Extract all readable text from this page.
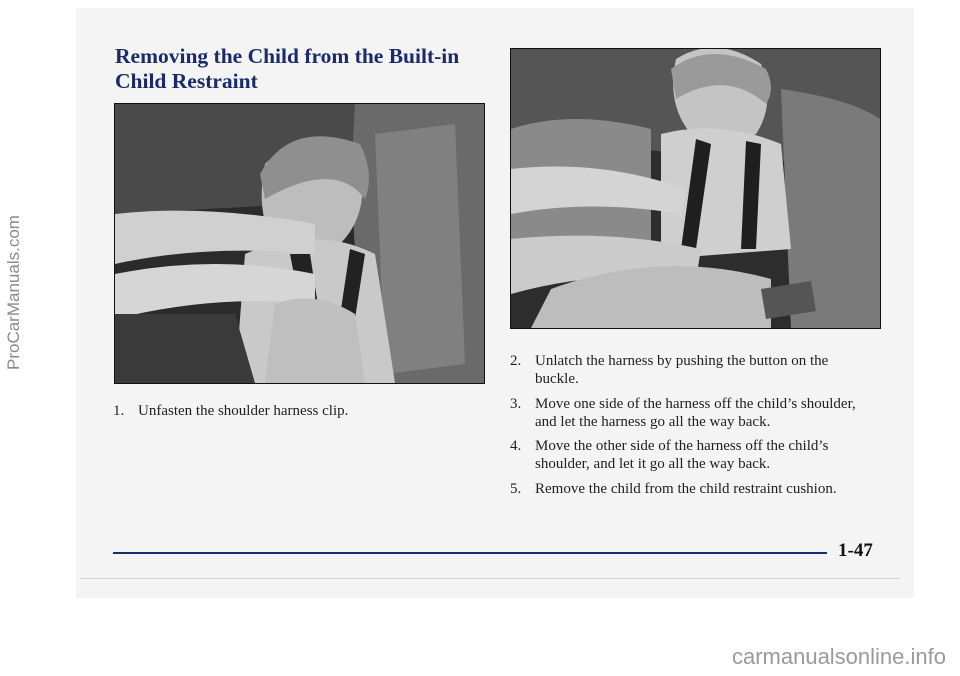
Removing the Child from the Built-in Child Restraint
1. Unfasten the shoulder harness clip.
2. Unlatch the harness by pushing the button on the buckle.
3. Move one side of the harness off the child’s shoulder, and let the harness go all the way back.
4. Move the other side of the harness off the child’s shoulder, and let it go all the way back.
5. Remove the child from the child restraint cushion.
1-47
ProCarManuals.com
carmanualsonline.info
